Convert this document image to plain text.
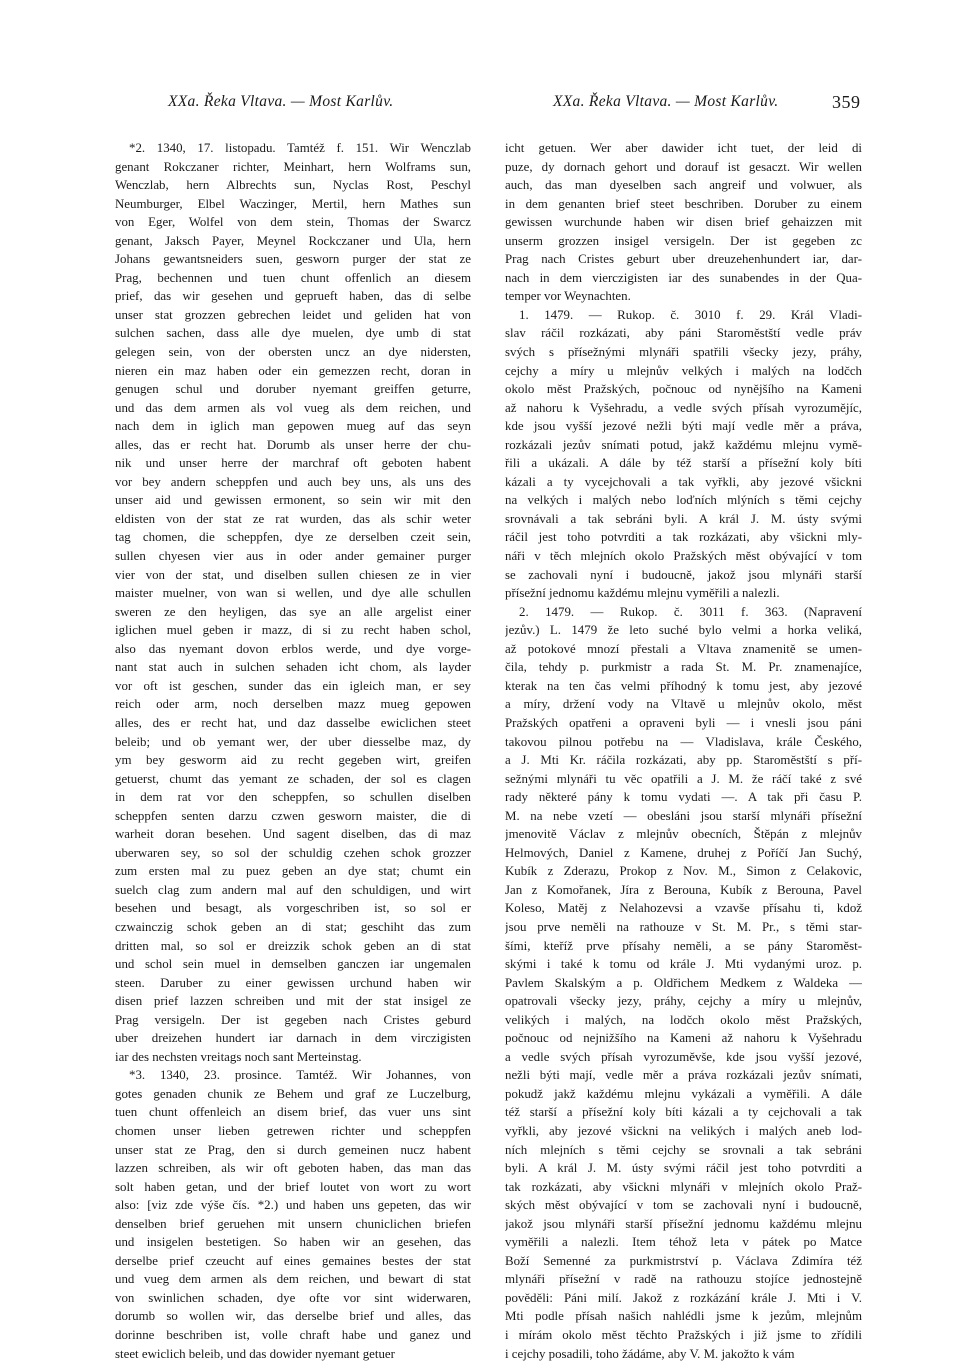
XXa. Řeka Vltava. — Most Karlův.	XXa. Řeka Vltava. — Most Karlův.	359
*2. 1340, 17. listopadu. Tamtéž f. 151. Wir Wenczlab
genant Rokczaner richter, Meinhart, hern Wolframs sun,
Wenczlab, hern Albrechts sun, Nyclas Rost, Peschyl
Neumburger, Elbel Waczinger, Mertil, hern Mathes sun
von Eger, Wolfel von dem stein, Thomas der Swarcz
genant, Jaksch Payer, Meynel Rockczaner und Ula, hern
Johans gewantsneiders suen, gesworn purger der stat ze
Prag, bechennen und tuen chunt offenlich an diesem
prief, das wir gesehen und geprueft haben, das di selbe
unser stat grozzen gebrechen leidet und geliden hat von
sulchen sachen, dass alle dye muelen, dye umb di stat
gelegen sein, von der obersten uncz an dye nidersten,
nieren ein maz haben oder ein gemezzen recht, doran in
genugen schul und doruber nyemant greiffen geturre,
und das dem armen als vol vueg als dem reichen, und
nach dem in iglich man gepowen mueg auf das seyn
alles, das er recht hat. Dorumb als unser herre der chu-
nik und unser herre der marchraf oft geboten habent
vor bey andern scheppfen und auch bey uns, als uns des
unser aid und gewissen ermonent, so sein wir mit den
eldisten von der stat ze rat wurden, das als schir weter
tag chomen, die scheppfen, dye ze derselben czeit sein,
sullen chyesen vier aus in oder ander gemainer purger
vier von der stat, und diselben sullen chiesen ze in vier
maister muelner, von wan si wellen, und dye alle schullen
sweren ze den heyligen, das sye an alle argelist einer
iglichen muel geben ir mazz, di si zu recht haben schol,
also das nyemant dovon erblos werde, und dye vorge-
nant stat auch in sulchen sehaden icht chom, als layder
vor oft ist geschen, sunder das ein igleich man, er sey
reich oder arm, noch derselben mazz mueg gepowen
alles, des er recht hat, und daz dasselbe ewiclichen steet
beleib; und ob yemant wer, der uber diesselbe maz, dy
ym bey gesworm aid zu recht gegeben wirt, greifen
getuerst, chumt das yemant ze schaden, der sol es clagen
in dem rat vor den scheppfen, so schullen diselben
scheppfen senten darzu czwen gesworn maister, die di
warheit doran besehen. Und sagent diselben, das di maz
uberwaren sey, so sol der schuldig czehen schok grozzer
zum ersten mal zu puez geben an dye stat; chumt ein
suelch clag zum andern mal auf den schuldigen, und wirt
besehen und besagt, als vorgeschriben ist, so sol er
czwainczig schok geben an di stat; geschiht das zum
dritten mal, so sol er dreizzik schok geben an di stat
und schol sein muel in demselben ganczen iar ungemalen
steen. Daruber zu einer gewissen urchund haben wir
disen prief lazzen schreiben und mit der stat insigel ze
Prag versigeln. Der ist gegeben nach Cristes geburd
uber dreizehen hundert iar darnach in dem virczigisten
iar des nechsten vreitags noch sant Merteinstag.
*3. 1340, 23. prosince. Tamtéž. Wir Johannes, von
gotes genaden chunik ze Behem und graf ze Luczelburg,
tuen chunt offenleich an disem brief, das vuer uns sint
chomen unser lieben getrewen richter und scheppfen
unser stat ze Prag, den si durch gemeinen nucz habent
lazzen schreiben, als wir oft geboten haben, das man das
solt haben getan, und der brief loutet von wort zu wort
also: [viz zde výše čís. *2.) und haben uns gepeten, das wir
denselben brief geruehen mit unsern chuniclichen briefen
und insigelen bestetigen. So haben wir an gesehen, das
derselbe prief czeucht auf eines gemaines bestes der stat
und vueg dem armen als dem reichen, und bewart di stat
von swinlichen schaden, dye ofte vor sint widerwaren,
dorumb so wollen wir, das derselbe brief und alles, das
dorinne beschriben ist, volle chraft habe und ganez und
steet ewiclich beleib, und das dowider nyemant getuer
icht getuen. Wer aber dawider icht tuet, der leid di
puze, dy dornach gehort und dorauf ist gesaczt. Wir wellen
auch, das man dyeselben sach angreif und volwuer, als
in dem genanten brief steet beschriben. Doruber zu einem
gewissen wurchunde haben wir disen brief gehaizzen mit
unserm grozzen insigel versigeln. Der ist gegeben zc
Prag nach Cristes geburt uber dreuzehenhundert iar, dar-
nach in dem vierczigisten iar des sunabendes in der Qua-
temper vor Weynachten.
1. 1479. — Rukop. č. 3010 f. 29. Král Vladi-
slav ráčil rozkázati, aby páni Staroměstští vedle práv
svých s přísežnými mlynáři spatřili všecky jezy, práhy,
cejchy a míry u mlejnův velkých i malých na lodčch
okolo měst Pražských, počnouc od nynějšího na Kameni
až nahoru k Vyšehradu, a vedle svých přísah vyrozumějíc,
kde jsou vyšší jezové nežli býti mají vedle měr a práva,
rozkázali jezův snímati potud, jakž každému mlejnu vymě-
řili a ukázali. A dále by též starší a přísežní koly bíti
kázali a ty vycejchovali a tak vyřkli, aby jezové všickni
na velkých i malých nebo loďních mlýních s těmi cejchy
srovnávali a tak sebráni byli. A král J. M. ústy svými
ráčil jest toho potvrditi a tak rozkázati, aby všickni mly-
náři v těch mlejních okolo Pražských měst obývající v tom
se zachovali nyní i budoucně, jakož jsou mlynáři starší
přísežní jednomu každému mlejnu vyměřili a nalezli.
2. 1479. — Rukop. č. 3011 f. 363. (Napravení
jezův.) L. 1479 že leto suché bylo velmi a horka veliká,
až potokové mnozí přestali a Vltava znamenitě se umen-
čila, tehdy p. purkmistr a rada St. M. Pr. znamenajíce,
kterak na ten čas velmi příhodný k tomu jest, aby jezové
a míry, držení vody na Vltavě u mlejnův okolo, měst
Pražských opatřeni a opraveni byli — i vnesli jsou páni
takovou pilnou potřebu na — Vladislava, krále Českého,
a J. Mti Kr. ráčila rozkázati, aby pp. Staroměstští s pří-
sežnými mlynáři tu věc opatřili a J. M. že ráčí také z své
rady některé pány k tomu vydati —. A tak při času P.
M. na nebe vzetí — obesláni jsou starší mlynáři přísežní
jmenovitě Václav z mlejnův obecních, Štěpán z mlejnův
Helmových, Daniel z Kamene, druhej z Poříčí Jan Suchý,
Kubík z Zderazu, Prokop z Nov. M., Simon z Celakovic,
Jan z Komořanek, Jíra z Berouna, Kubík z Berouna, Pavel
Koleso, Matěj z Nelahozevsi a vzavše přísahu ti, kdož
jsou prve neměli na rathouze v St. M. Pr., s těmi star-
šími, kteříž prve přísahy neměli, a se pány Staroměst-
skými i také k tomu od krále J. Mti vydanými uroz. p.
Pavlem Skalským a p. Oldřichem Medkem z Waldeka —
opatrovali všecky jezy, práhy, cejchy a míry u mlejnův,
velikých i malých, na lodčch okolo měst Pražských,
počnouc od nejnižšího na Kameni až nahoru k Vyšehradu
a vedle svých přísah vyrozuměvše, kde jsou vyšší jezové,
nežli býti mají, vedle měr a práva rozkázali jezův snímati,
pokudž jakž každému mlejnu vykázali a vyměřili. A dále
též starší a přísežní koly bíti kázali a ty cejchovali a tak
vyřkli, aby jezové všickni na velikých i malých aneb lod-
ních mlejních s těmi cejchy se srovnali a tak sebráni
byli. A král J. M. ústy svými ráčil jest toho potvrditi a
tak rozkázati, aby všickni mlynáři v mlejních okolo Praž-
ských měst obývající v tom se zachovali nyní i budoucně,
jakož jsou mlynáři starší přísežní jednomu každému mlejnu
vyměřili a nalezli. Item téhož leta v pátek po Matce
Boží Semenné za purkmistrství p. Václava Zdimíra též
mlynáři přísežní v radě na rathouzu stojíce jednostejně
pověděli: Páni milí. Jakož z rozkázání krále J. Mti i V.
Mti podle přísah našich nahlédli jsme k jezům, mlejnům
i mírám okolo měst těchto Pražských i již jsme to zřídili
i cejchy posadili, toho žádáme, aby V. M. jakožto k vám
